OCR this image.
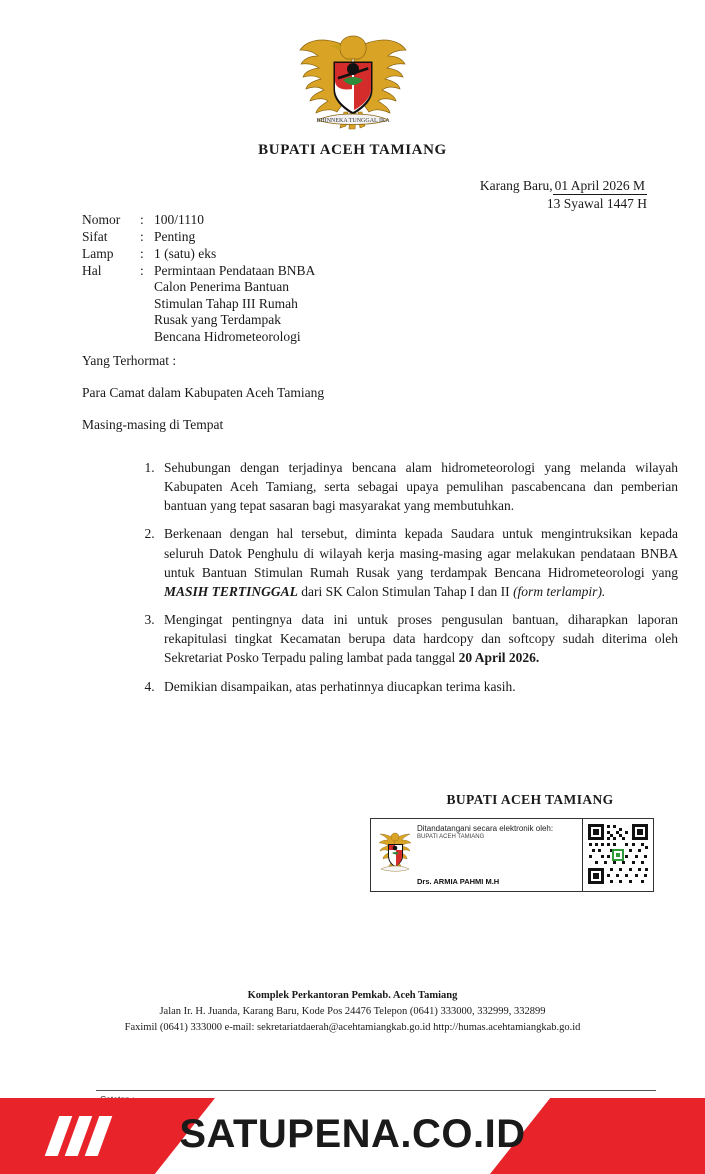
BHINNEKA TUNGGAL IKA
BUPATI ACEH TAMIANG
Karang Baru, 01 April 2026 M
13 Syawal 1447 H
Nomor	: 100/1110
Sifat	: Penting
Lamp	: 1 (satu) eks
Hal	: Permintaan Pendataan BNBA
Calon Penerima Bantuan
Stimulan Tahap III Rumah
Rusak yang Terdampak
Bencana Hidrometeorologi
Yang Terhormat :
Para Camat dalam Kabupaten Aceh Tamiang
Masing-masing di Tempat
1. Sehubungan dengan terjadinya bencana alam hidrometeorologi yang melanda wilayah Kabupaten Aceh Tamiang, serta sebagai upaya pemulihan pascabencana dan pemberian bantuan yang tepat sasaran bagi masyarakat yang membutuhkan.
2. Berkenaan dengan hal tersebut, diminta kepada Saudara untuk mengintruksikan kepada seluruh Datok Penghulu di wilayah kerja masing-masing agar melakukan pendataan BNBA untuk Bantuan Stimulan Rumah Rusak yang terdampak Bencana Hidrometeorologi yang MASIH TERTINGGAL dari SK Calon Stimulan Tahap I dan II (form terlampir).
3. Mengingat pentingnya data ini untuk proses pengusulan bantuan, diharapkan laporan rekapitulasi tingkat Kecamatan berupa data hardcopy dan softcopy sudah diterima oleh Sekretariat Posko Terpadu paling lambat pada tanggal 20 April 2026.
4. Demikian disampaikan, atas perhatinnya diucapkan terima kasih.
BUPATI ACEH TAMIANG
Ditandatangani secara elektronik oleh:
BUPATI ACEH TAMIANG
Drs. ARMIA PAHMI M.H
Komplek Perkantoran Pemkab. Aceh Tamiang
Jalan Ir. H. Juanda, Karang Baru, Kode Pos 24476 Telepon (0641) 333000, 332999, 332899
Faximil (0641) 333000 e-mail: sekretariatdaerah@acehtamiangkab.go.id http://humas.acehtamiangkab.go.id
SATUPENA.CO.ID
